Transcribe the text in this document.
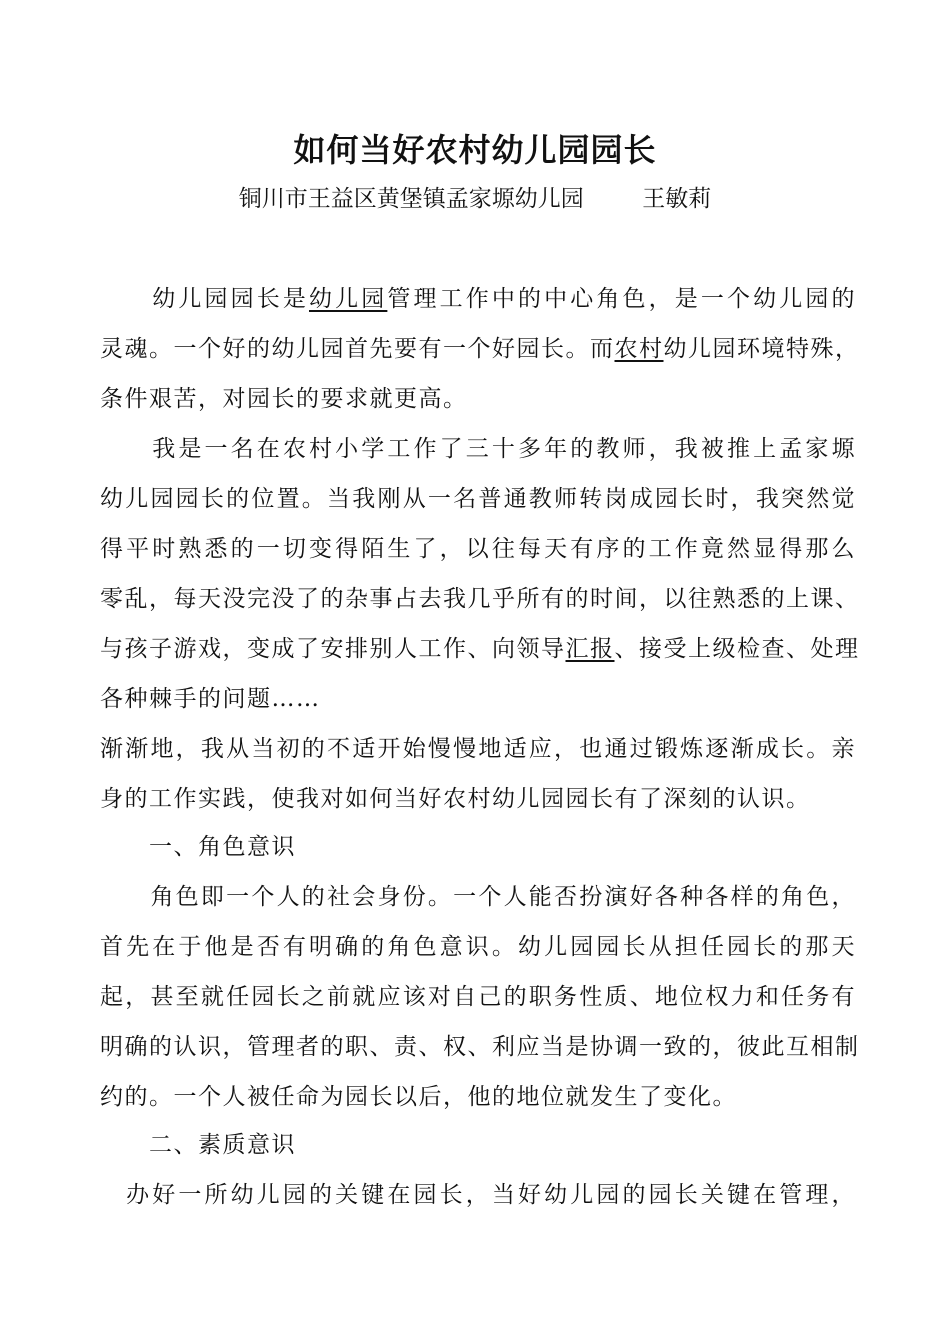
如何当好农村幼儿园园长
铜川市王益区黄堡镇孟家塬幼儿园        王敏莉
　　幼儿园园长是幼儿园管理工作中的中心角色，是一个幼儿园的
灵魂。一个好的幼儿园首先要有一个好园长。而农村幼儿园环境特殊，
条件艰苦，对园长的要求就更高。
　　我是一名在农村小学工作了三十多年的教师，我被推上孟家塬
幼儿园园长的位置。当我刚从一名普通教师转岗成园长时，我突然觉
得平时熟悉的一切变得陌生了，以往每天有序的工作竟然显得那么
零乱，每天没完没了的杂事占去我几乎所有的时间，以往熟悉的上课、
与孩子游戏，变成了安排别人工作、向领导汇报、接受上级检查、处理
各种棘手的问题……
渐渐地，我从当初的不适开始慢慢地适应，也通过锻炼逐渐成长。亲
身的工作实践，使我对如何当好农村幼儿园园长有了深刻的认识。
　　一、角色意识
　　角色即一个人的社会身份。一个人能否扮演好各种各样的角色，
首先在于他是否有明确的角色意识。幼儿园园长从担任园长的那天
起，甚至就任园长之前就应该对自己的职务性质、地位权力和任务有
明确的认识，管理者的职、责、权、利应当是协调一致的，彼此互相制
约的。一个人被任命为园长以后，他的地位就发生了变化。
　　二、素质意识
　办好一所幼儿园的关键在园长，当好幼儿园的园长关键在管理，
